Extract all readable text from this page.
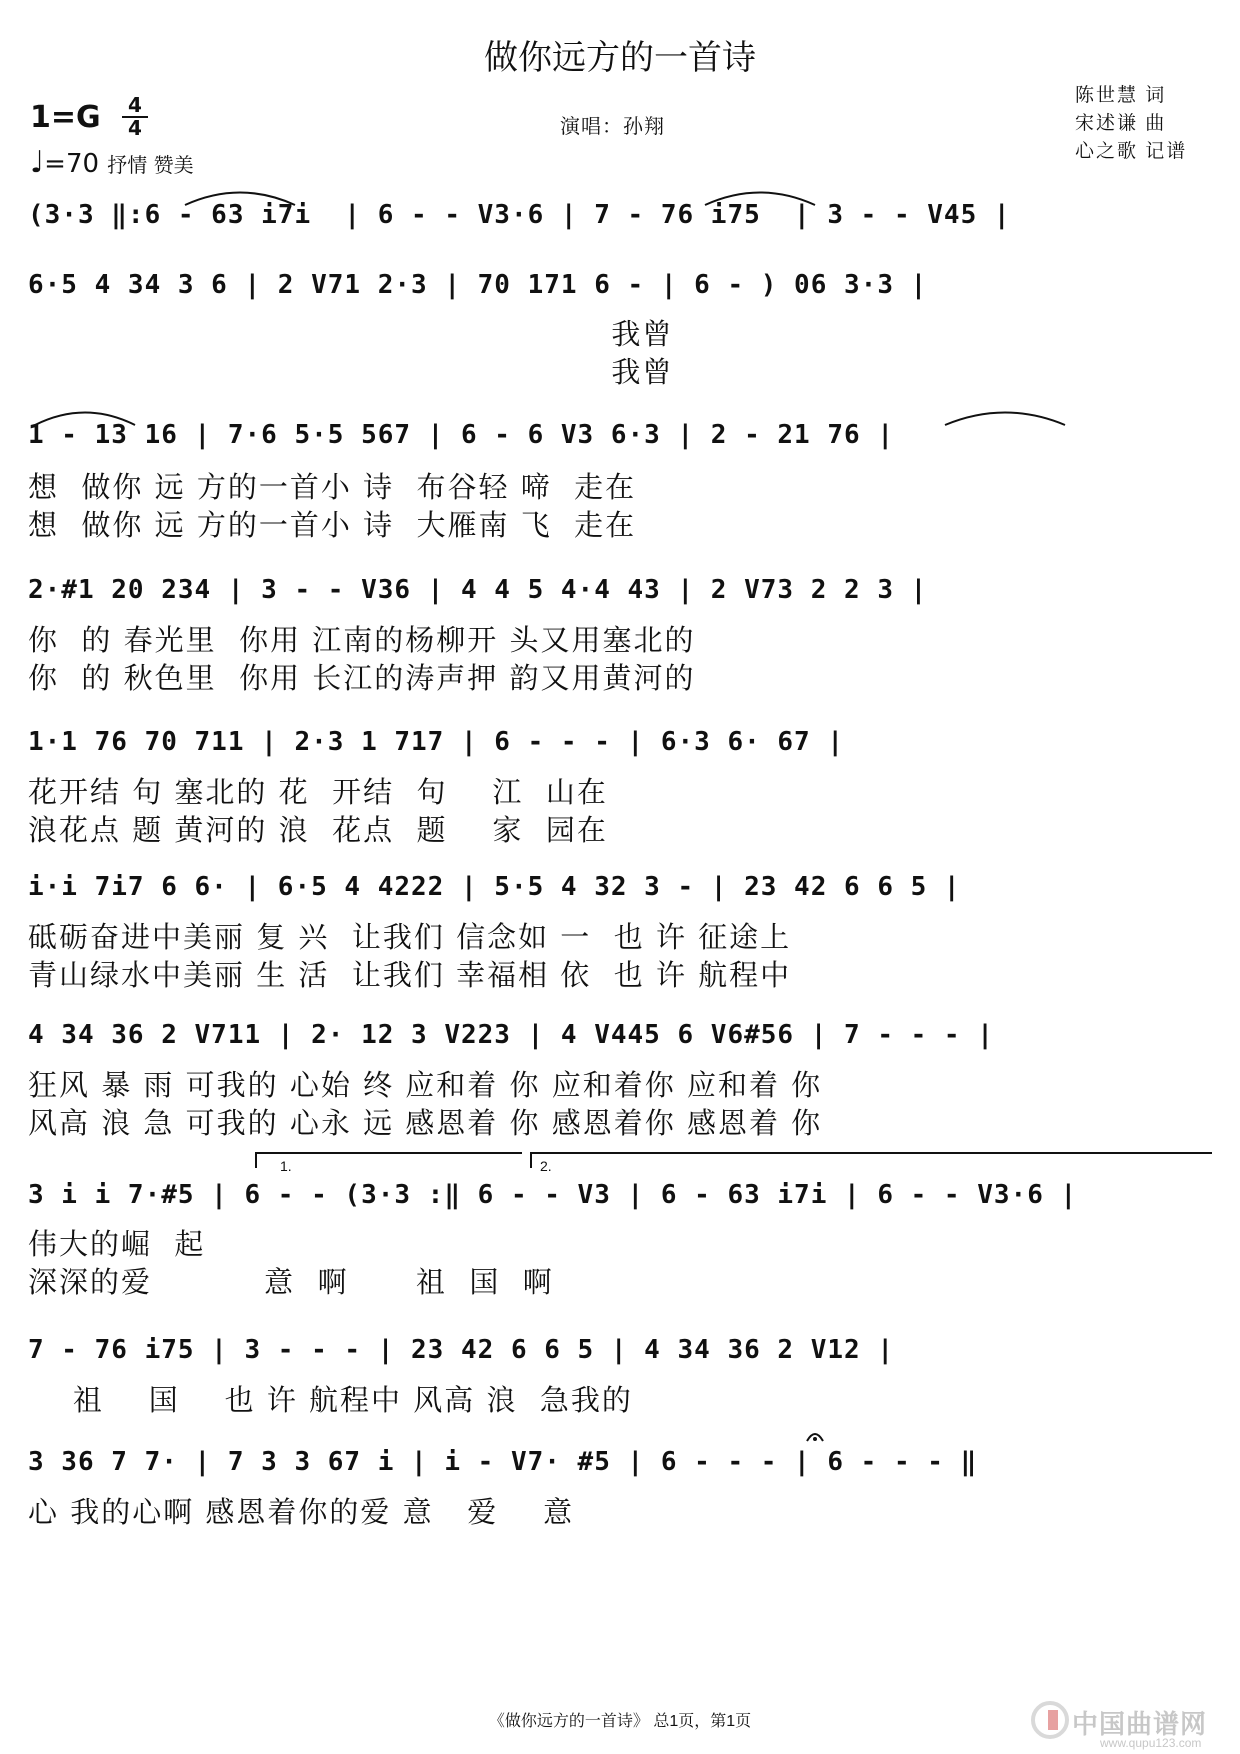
做你远方的一首诗
1=G	4
4
♩=70 抒情 赞美
演唱：孙翔
陈世慧 词
宋述谦 曲
心之歌 记谱
(3·3 ‖:6 - 63 i7i  | 6 - - V3·6 | 7 - 76 i75  | 3 - - V45 |
6·5 4 34 3 6 | 2 V71 2·3 | 70 171 6 - | 6 - ) 06 3·3 |
我曾
我曾
1 - 13 16 | 7·6 5·5 567 | 6 - 6 V3 6·3 | 2 - 21 76 |
想  做你 远 方的一首小 诗  布谷轻 啼  走在
想  做你 远 方的一首小 诗  大雁南 飞  走在
2·#1 20 234 | 3 - - V36 | 4 4 5 4·4 43 | 2 V73 2 2 3 |
你  的 春光里  你用 江南的杨柳开 头又用塞北的
你  的 秋色里  你用 长江的涛声押 韵又用黄河的
1·1 76 70 711 | 2·3 1 717 | 6 - - - | 6·3 6· 67 |
花开结 句 塞北的 花  开结  句    江  山在
浪花点 题 黄河的 浪  花点  题    家  园在
i·i 7i7 6 6· | 6·5 4 4222 | 5·5 4 32 3 - | 23 42 6 6 5 |
砥砺奋进中美丽 复 兴  让我们 信念如 一  也 许 征途上
青山绿水中美丽 生 活  让我们 幸福相 依  也 许 航程中
4 34 36 2 V711 | 2· 12 3 V223 | 4 V445 6 V6#56 | 7 - - - |
狂风 暴 雨 可我的 心始 终 应和着 你 应和着你 应和着 你
风高 浪 急 可我的 心永 远 感恩着 你 感恩着你 感恩着 你
1.	2.
3 i i 7·#5 | 6 - - (3·3 :‖ 6 - - V3 | 6 - 63 i7i | 6 - - V3·6 |
伟大的崛  起
深深的爱          意  啊      祖  国  啊
7 - 76 i75 | 3 - - - | 23 42 6 6 5 | 4 34 36 2 V12 |
祖    国    也 许 航程中 风高 浪  急我的
3 36 7 7· | 7 3 3 67 i | i - V7· #5 | 6 - - - | 6 - - - ‖
心 我的心啊 感恩着你的爱 意   爱    意
《做你远方的一首诗》 总1页，第1页	中国曲谱网
www.qupu123.com
